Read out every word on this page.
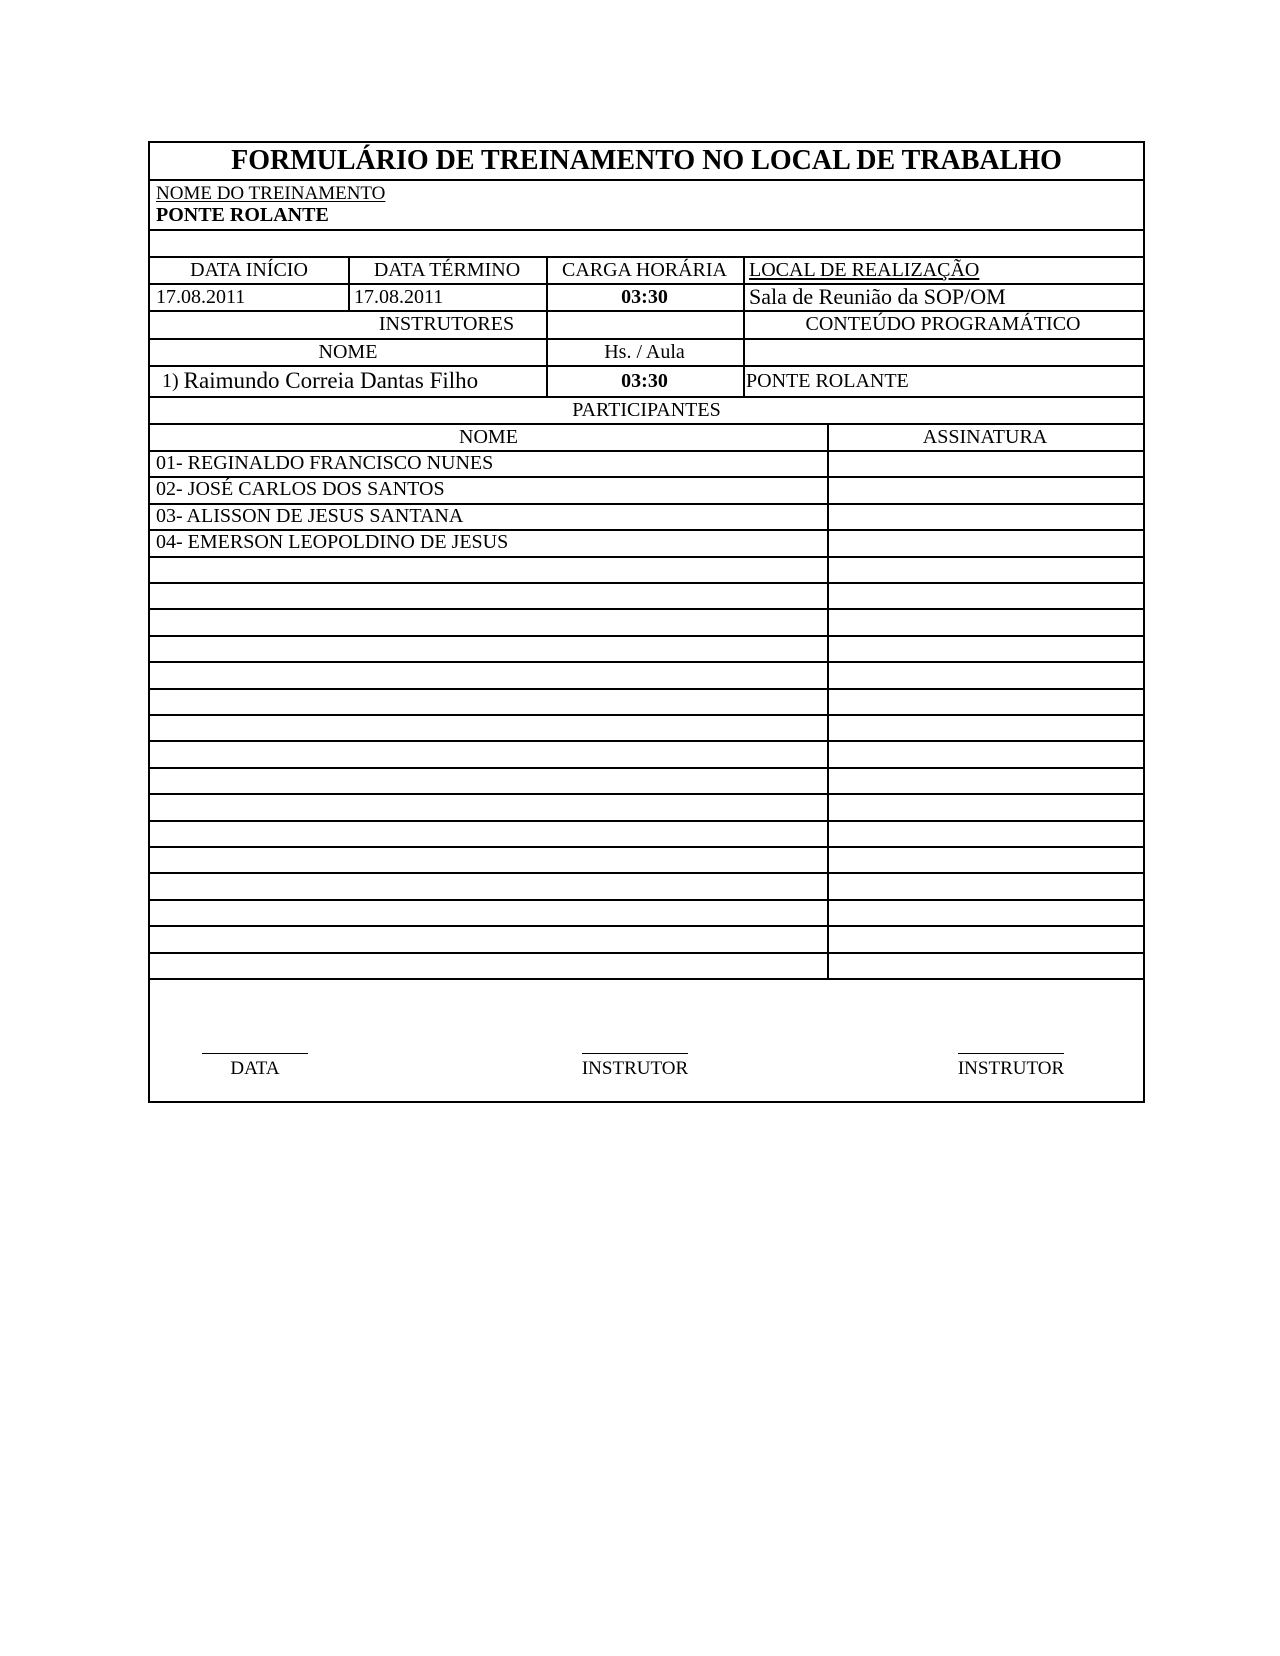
FORMULÁRIO DE TREINAMENTO NO LOCAL DE TRABALHO
NOME DO TREINAMENTO
PONTE ROLANTE
DATA INÍCIO	DATA TÉRMINO	CARGA HORÁRIA	LOCAL DE REALIZAÇÃO
17.08.2011	17.08.2011	03:30	Sala de Reunião da SOP/OM
INSTRUTORES	CONTEÚDO PROGRAMÁTICO
NOME	Hs. / Aula
1) Raimundo Correia Dantas Filho	03:30	PONTE ROLANTE
PARTICIPANTES
NOME	ASSINATURA
01- REGINALDO FRANCISCO NUNES
02- JOSÉ CARLOS DOS SANTOS
03- ALISSON DE JESUS SANTANA
04- EMERSON LEOPOLDINO DE JESUS
DATA	INSTRUTOR	INSTRUTOR
